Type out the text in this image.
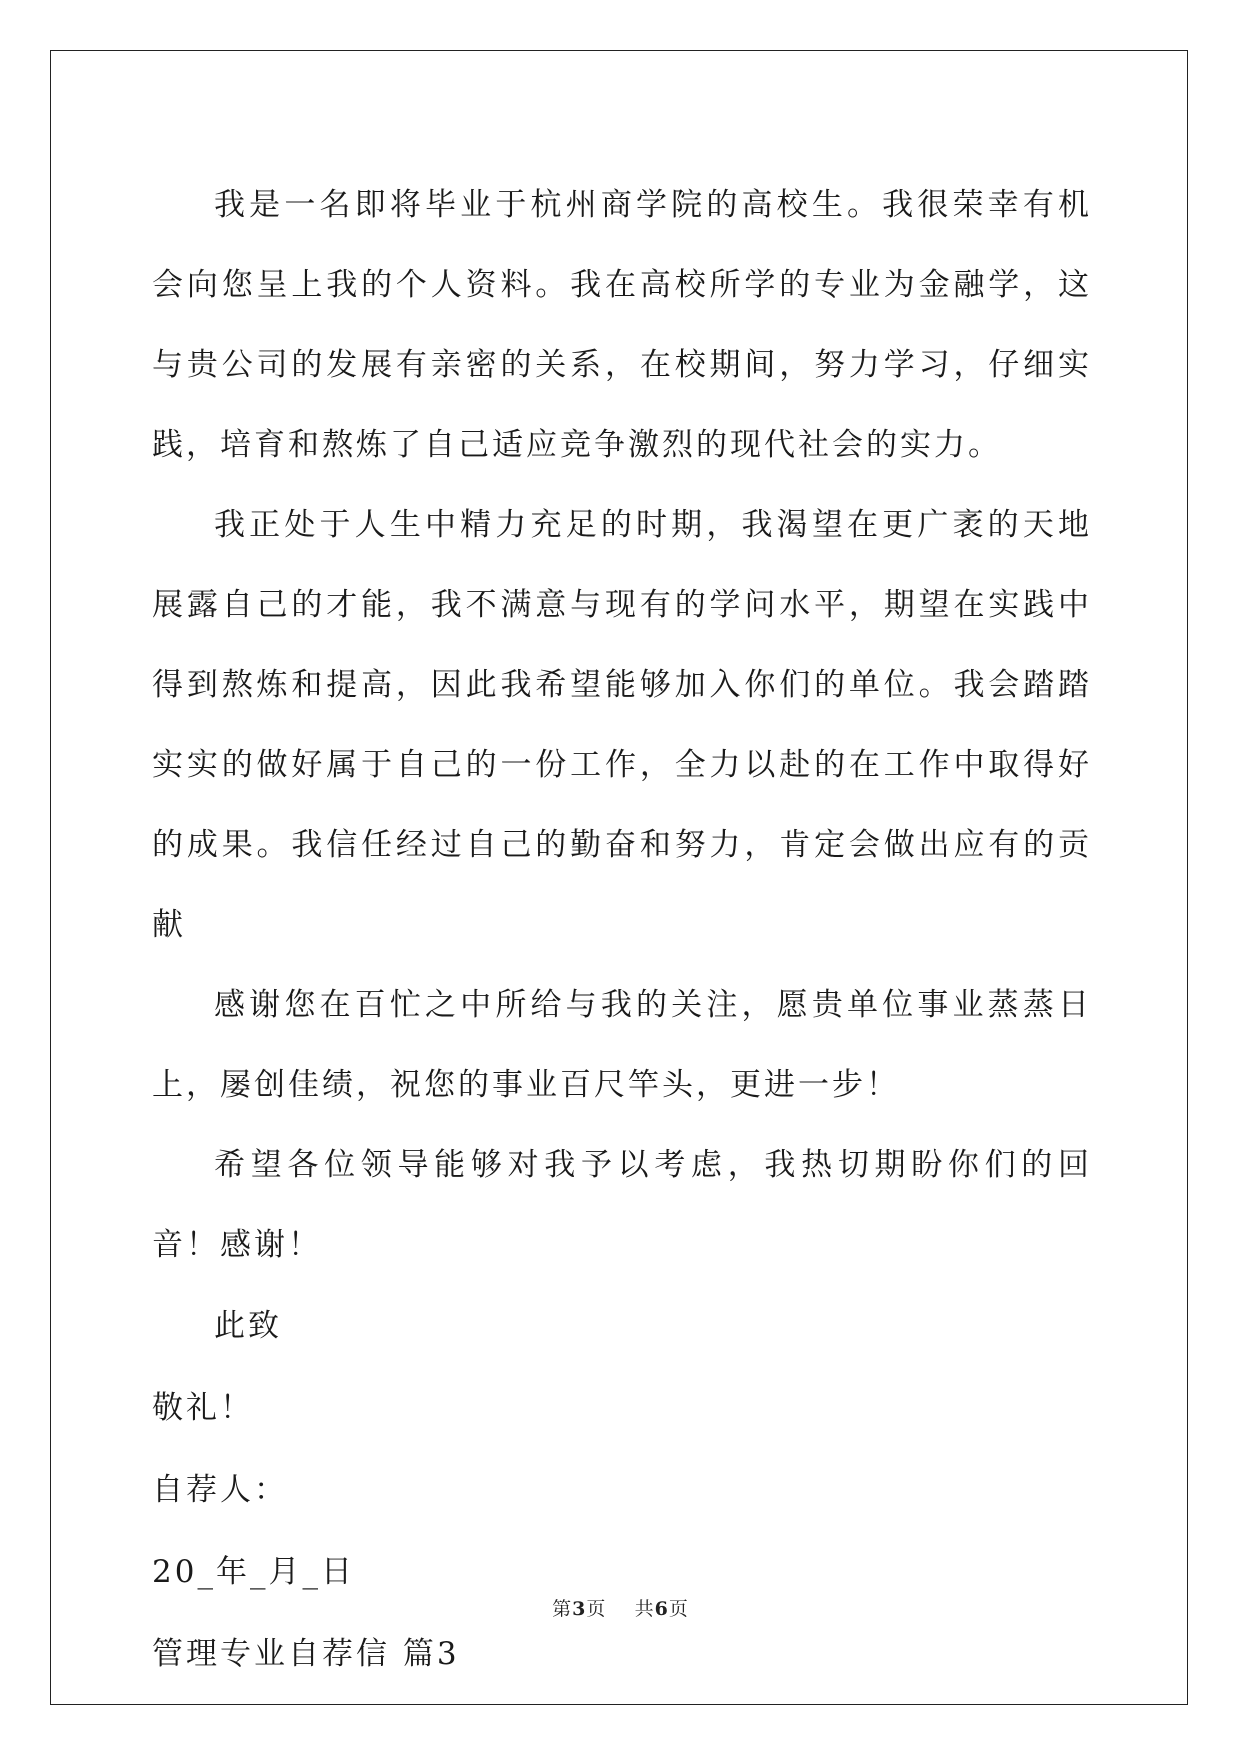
我是一名即将毕业于杭州商学院的高校生。我很荣幸有机会向您呈上我的个人资料。我在高校所学的专业为金融学，这与贵公司的发展有亲密的关系，在校期间，努力学习，仔细实践，培育和熬炼了自己适应竞争激烈的现代社会的实力。

我正处于人生中精力充足的时期，我渴望在更广袤的天地展露自己的才能，我不满意与现有的学问水平，期望在实践中得到熬炼和提高，因此我希望能够加入你们的单位。我会踏踏实实的做好属于自己的一份工作，全力以赴的在工作中取得好的成果。我信任经过自己的勤奋和努力，肯定会做出应有的贡献

感谢您在百忙之中所给与我的关注，愿贵单位事业蒸蒸日上，屡创佳绩，祝您的事业百尺竿头，更进一步！

希望各位领导能够对我予以考虑，我热切期盼你们的回音！感谢！

此致

敬礼！

自荐人：

20_年_月_日

管理专业自荐信 篇3

第3页 共6页
